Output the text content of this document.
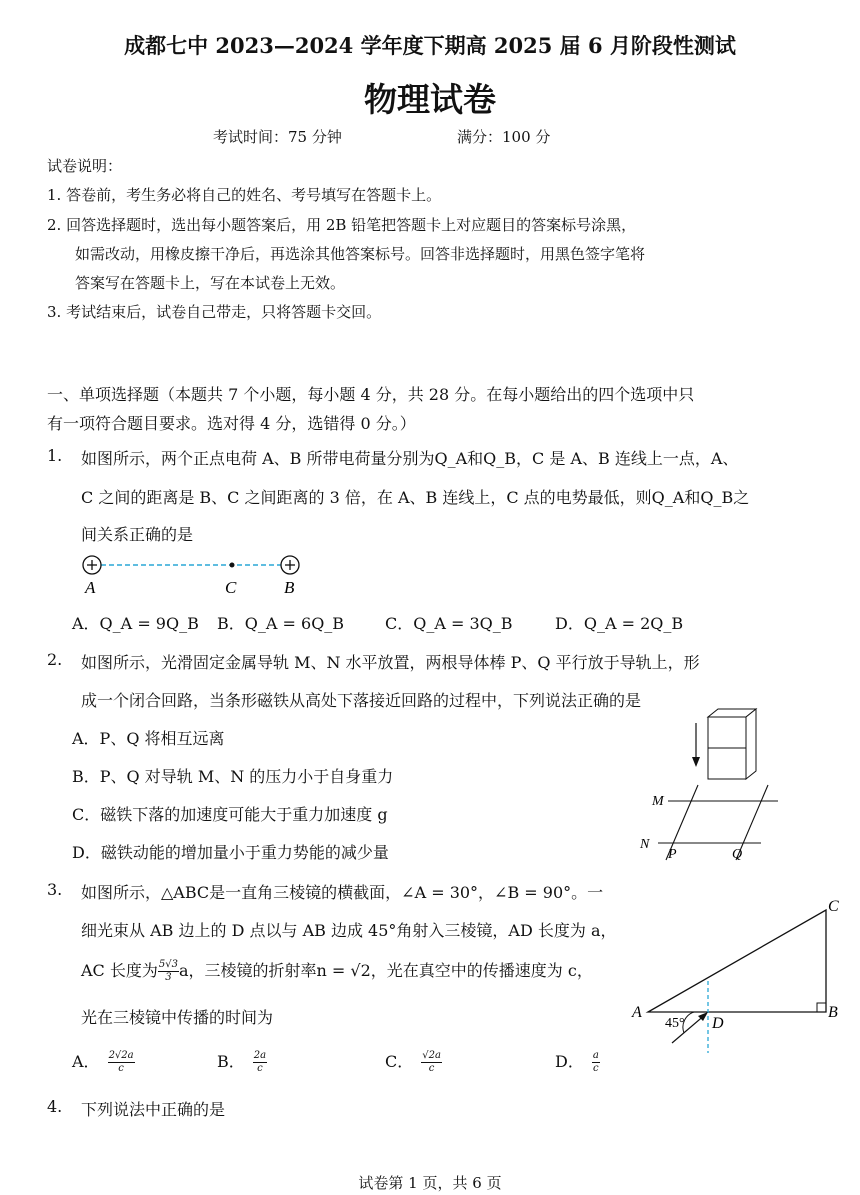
成都七中 2023—2024 学年度下期高 2025 届 6 月阶段性测试
物理试卷
考试时间：75 分钟	满分：100 分
试卷说明：
1. 答卷前，考生务必将自己的姓名、考号填写在答题卡上。
2. 回答选择题时，选出每小题答案后，用 2B 铅笔把答题卡上对应题目的答案标号涂黑，
如需改动，用橡皮擦干净后，再选涂其他答案标号。回答非选择题时，用黑色签字笔将
答案写在答题卡上，写在本试卷上无效。
3. 考试结束后，试卷自己带走，只将答题卡交回。
一、单项选择题（本题共 7 个小题，每小题 4 分，共 28 分。在每小题给出的四个选项中只
有一项符合题目要求。选对得 4 分，选错得 0 分。）
1. 如图所示，两个正点电荷 A、B 所带电荷量分别为Q_A和Q_B，C 是 A、B 连线上一点，A、
C 之间的距离是 B、C 之间距离的 3 倍，在 A、B 连线上，C 点的电势最低，则Q_A和Q_B之
间关系正确的是
A	C	B
A．Q_A = 9Q_B B．Q_A = 6Q_B	C．Q_A = 3Q_B	D．Q_A = 2Q_B
2. 如图所示，光滑固定金属导轨 M、N 水平放置，两根导体棒 P、Q 平行放于导轨上，形
成一个闭合回路，当条形磁铁从高处下落接近回路的过程中，下列说法正确的是
A．P、Q 将相互远离
B．P、Q 对导轨 M、N 的压力小于自身重力
C．磁铁下落的加速度可能大于重力加速度 g
D．磁铁动能的增加量小于重力势能的减少量
M
N
P	Q
3. 如图所示，△ABC是一直角三棱镜的横截面，∠A = 30°，∠B = 90°。一
细光束从 AB 边上的 D 点以与 AB 边成 45°角射入三棱镜，AD 长度为 a，
AC 长度为 $\frac{5√3}{3}$ a，三棱镜的折射率n = √2，光在真空中的传播速度为 c，
光在三棱镜中传播的时间为	A	B
C
D
45°
A． $\frac{2√2a}{c}$	B． $\frac{2a}{c}$	C． $\frac{√2a}{c}$	D． $\frac{a}{c}$
4. 下列说法中正确的是
试卷第 1 页，共 6 页
